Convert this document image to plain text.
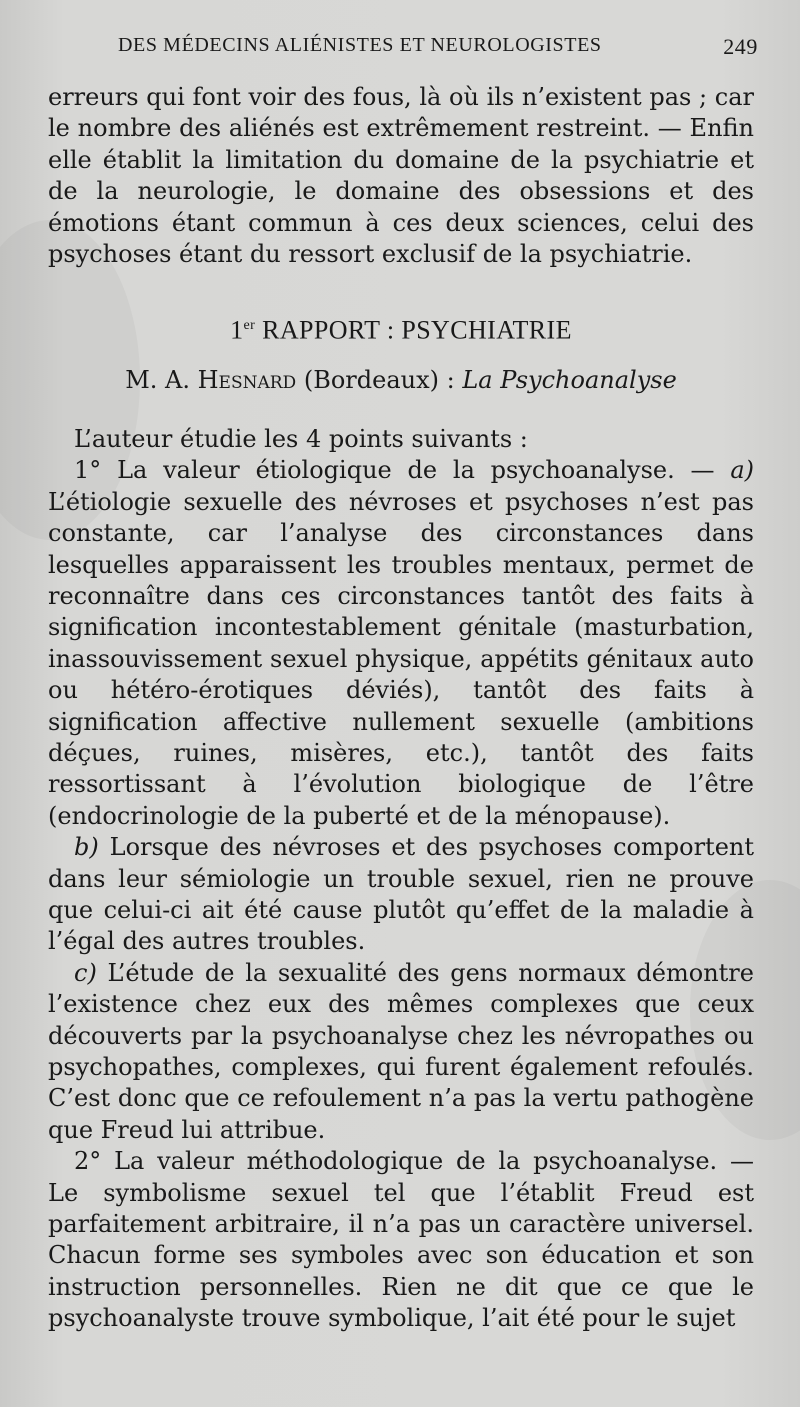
DES MÉDECINS ALIÉNISTES ET NEUROLOGISTES	249

erreurs qui font voir des fous, là où ils n’existent pas ; car le nombre des aliénés est extrêmement restreint. — Enfin elle établit la limitation du domaine de la psychiatrie et de la neurologie, le domaine des obsessions et des émotions étant commun à ces deux sciences, celui des psychoses étant du ressort exclusif de la psychiatrie.

1er RAPPORT : PSYCHIATRIE
M. A. Hesnard (Bordeaux) : La Psychoanalyse

L’auteur étudie les 4 points suivants :

1° La valeur étiologique de la psychoanalyse. — a) L’étiologie sexuelle des névroses et psychoses n’est pas constante, car l’analyse des circonstances dans lesquelles apparaissent les troubles mentaux, permet de reconnaître dans ces circonstances tantôt des faits à signification incontestablement génitale (masturbation, inassouvissement sexuel physique, appétits génitaux auto ou hétéro-érotiques déviés), tantôt des faits à signification affective nullement sexuelle (ambitions déçues, ruines, misères, etc.), tantôt des faits ressortissant à l’évolution biologique de l’être (endocrinologie de la puberté et de la ménopause).

b) Lorsque des névroses et des psychoses comportent dans leur sémiologie un trouble sexuel, rien ne prouve que celui-ci ait été cause plutôt qu’effet de la maladie à l’égal des autres troubles.

c) L’étude de la sexualité des gens normaux démontre l’existence chez eux des mêmes complexes que ceux découverts par la psychoanalyse chez les névropathes ou psychopathes, complexes, qui furent également refoulés. C’est donc que ce refoulement n’a pas la vertu pathogène que Freud lui attribue.

2° La valeur méthodologique de la psychoanalyse. — Le symbolisme sexuel tel que l’établit Freud est parfaitement arbitraire, il n’a pas un caractère universel. Chacun forme ses symboles avec son éducation et son instruction personnelles. Rien ne dit que ce que le psychoanalyste trouve symbolique, l’ait été pour le sujet
